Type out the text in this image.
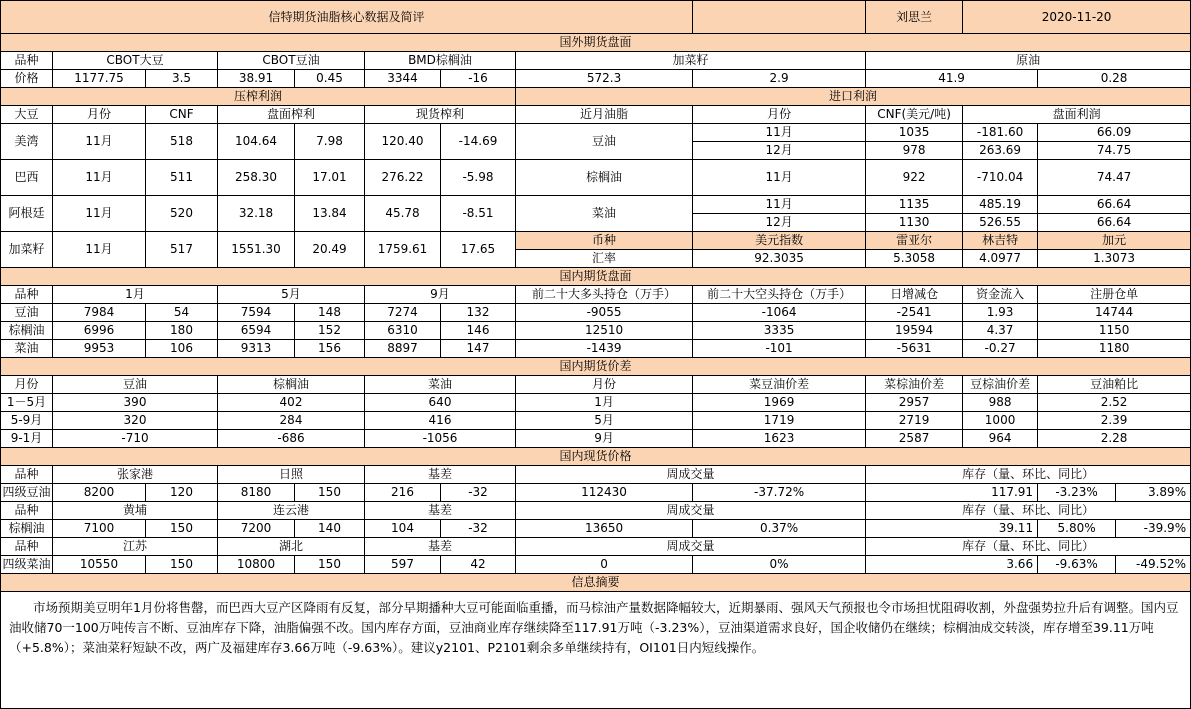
信特期货油脂核心数据及简评									刘思兰	2020-11-20		
国外期货盘面												
品种	CBOT大豆		CBOT豆油		BMD棕榈油		加菜籽		原油			
价格	1177.75	3.5	38.91	0.45	3344	-16	572.3	2.9	41.9		0.28	
压榨利润							进口利润					
大豆	月份	CNF	盘面榨利		现货榨利		近月油脂	月份	CNF(美元/吨)	盘面利润		
美湾	11月	518	104.64	7.98	120.40	-14.69	豆油	11月	1035	-181.60	66.09	
								12月	978	263.69	74.75	
巴西	11月	511	258.30	17.01	276.22	-5.98	棕榈油	11月	922	-710.04	74.47	
阿根廷	11月	520	32.18	13.84	45.78	-8.51	菜油	11月	1135	485.19	66.64	
								12月	1130	526.55	66.64	
加菜籽	11月	517	1551.30	20.49	1759.61	17.65	币种	美元指数	雷亚尔	林吉特	加元	
							汇率	92.3035	5.3058	4.0977	1.3073	
国内期货盘面												
品种	1月		5月		9月		前二十大多头持仓（万手）	前二十大空头持仓（万手）	日增减仓	资金流入	注册仓单	
豆油	7984	54	7594	148	7274	132	-9055	-1064	-2541	1.93	14744	
棕榈油	6996	180	6594	152	6310	146	12510	3335	19594	4.37	1150	
菜油	9953	106	9313	156	8897	147	-1439	-101	-5631	-0.27	1180	
国内期货价差												
月份	豆油		棕榈油		菜油		月份	菜豆油价差	菜棕油价差	豆棕油价差	豆油粕比	
1－5月	390		402		640		1月	1969	2957	988	2.52	
5-9月	320		284		416		5月	1719	2719	1000	2.39	
9-1月	-710		-686		-1056		9月	1623	2587	964	2.28	
国内现货价格												
品种	张家港		日照		基差		周成交量		库存（量、环比、同比）			
四级豆油	8200	120	8180	150	216	-32	112430	-37.72%	117.91		-3.23%	3.89%
品种	黄埔		连云港		基差		周成交量		库存（量、环比、同比）			
棕榈油	7100	150	7200	140	104	-32	13650	0.37%	39.11		5.80%	-39.9%
品种	江苏		湖北		基差		周成交量		库存（量、环比、同比）			
四级菜油	10550	150	10800	150	597	42	0	0%	3.66		-9.63%	-49.52%
信息摘要												
市场预期美豆明年1月份将售罄，而巴西大豆产区降雨有反复，部分早期播种大豆可能面临重播，而马棕油产量数据降幅较大，近期暴雨、强风天气预报也令市场担忧阻碍收割，外盘强势拉升后有调整。国内豆油收储70一100万吨传言不断、豆油库存下降，油脂偏强不改。国内库存方面，豆油商业库存继续降至117.91万吨（-3.23%），豆油渠道需求良好，国企收储仍在继续；棕榈油成交转淡，库存增至39.11万吨（+5.8%）；菜油菜籽短缺不改，两广及福建库存3.66万吨（-9.63%）。建议y2101、P2101剩余多单继续持有，OI101日内短线操作。												
